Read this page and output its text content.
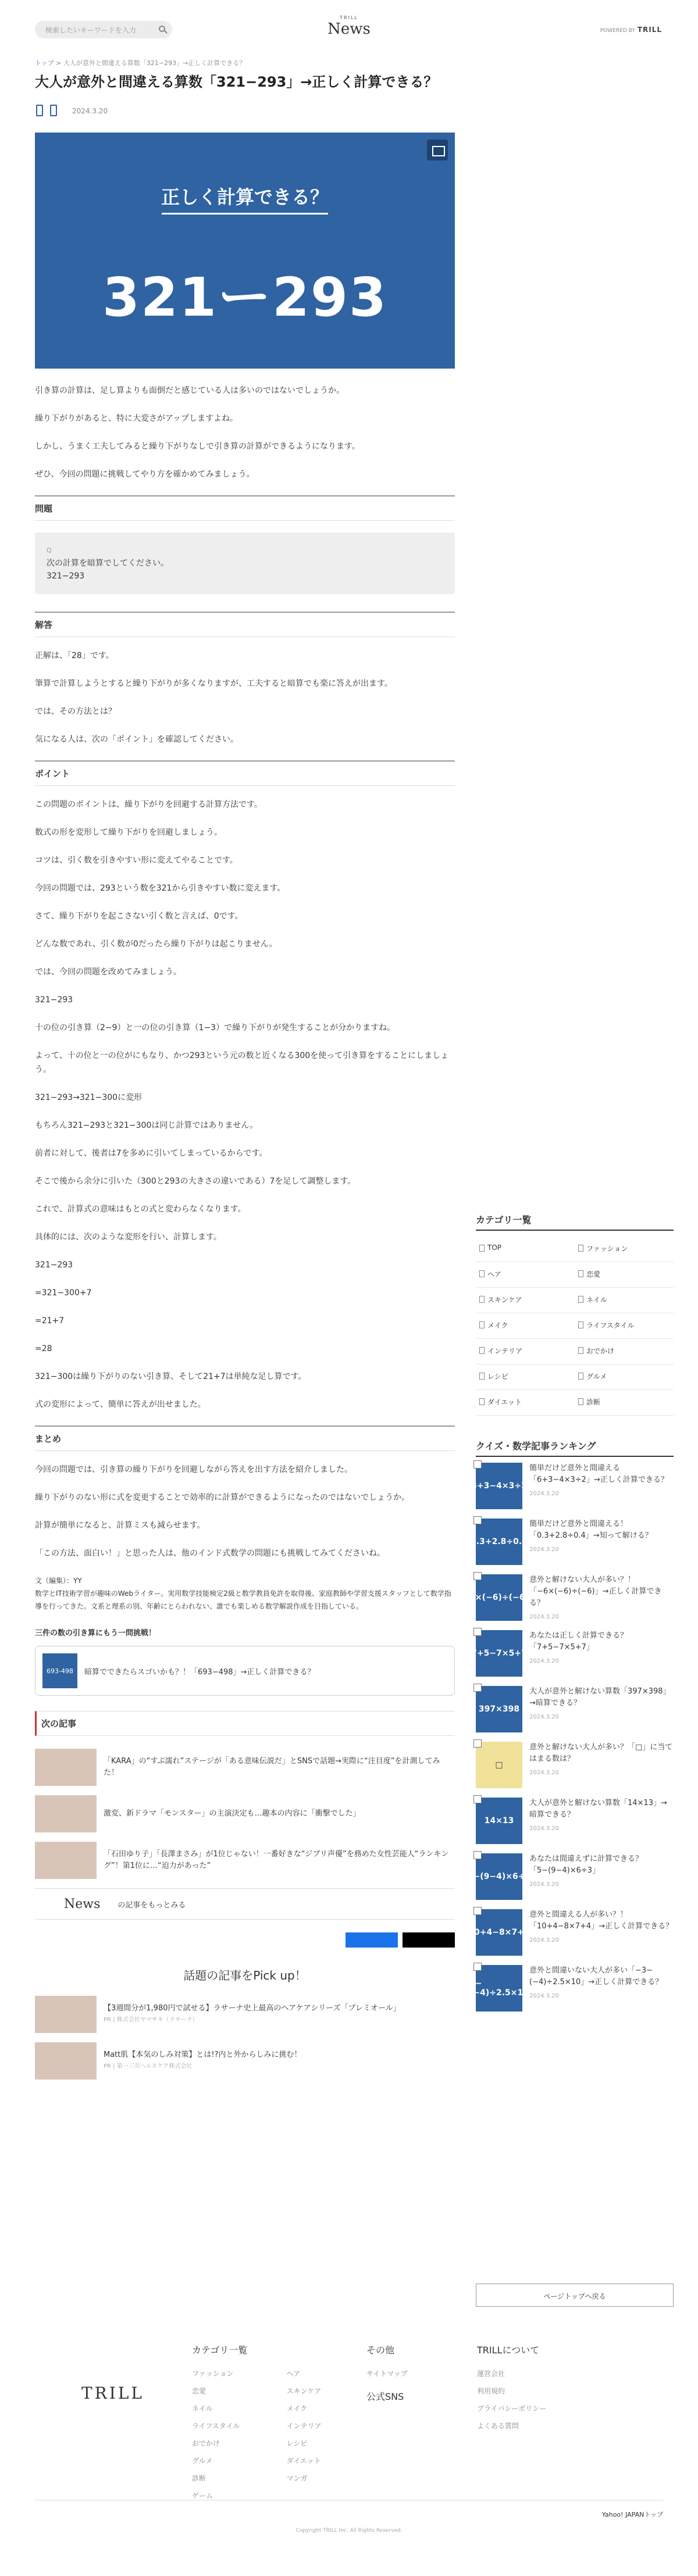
検索したいキーワードを入力
TRILL
News	POWERED BY TRILL
トップ > 大人が意外と間違える算数「321−293」→正しく計算できる？
大人が意外と間違える算数「321−293」→正しく計算できる？
2024.3.20
正しく計算できる？
321ー293

引き算の計算は、足し算よりも面倒だと感じている人は多いのではないでしょうか。

繰り下がりがあると、特に大変さがアップしますよね。

しかし、うまく工夫してみると繰り下がりなしで引き算の計算ができるようになります。

ぜひ、今回の問題に挑戦してやり方を確かめてみましょう。

問題
Q
次の計算を暗算でしてください。
321−293
解答

正解は、「28」です。

筆算で計算しようとすると繰り下がりが多くなりますが、工夫すると暗算でも楽に答えが出ます。

では、その方法とは？

気になる人は、次の「ポイント」を確認してください。

ポイント

この問題のポイントは、繰り下がりを回避する計算方法です。

数式の形を変形して繰り下がりを回避しましょう。

コツは、引く数を引きやすい形に変えてやることです。

今回の問題では、293という数を321から引きやすい数に変えます。

さて、繰り下がりを起こさない引く数と言えば、0です。

どんな数であれ、引く数が0だったら繰り下がりは起こりません。

では、今回の問題を改めてみましょう。

321−293

十の位の引き算（2−9）と一の位の引き算（1−3）で繰り下がりが発生することが分かりますね。

よって、十の位と一の位がにもなり、かつ293という元の数と近くなる300を使って引き算をすることにしましょう。

321−293→321−300に変形

もちろん321−293と321−300は同じ計算ではありません。

前者に対して、後者は7を多めに引いてしまっているからです。

そこで後から余分に引いた（300と293の大きさの違いである）7を足して調整します。

これで、計算式の意味はもとの式と変わらなくなります。

具体的には、次のような変形を行い、計算します。

321−293

=321−300+7

=21+7

=28

321−300は繰り下がりのない引き算、そして21+7は単純な足し算です。

式の変形によって、簡単に答えが出せました。

まとめ

今回の問題では、引き算の繰り下がりを回避しながら答えを出す方法を紹介しました。

繰り下がりのない形に式を変更することで効率的に計算ができるようになったのではないでしょうか。

計算が簡単になると、計算ミスも減らせます。

「この方法、面白い！」と思った人は、他のインド式数学の問題にも挑戦してみてくださいね。

文（編集）：YY
数学とIT技術学習が趣味のWebライター。実用数学技能検定2級と数学教員免許を取得後、家庭教師や学習支援スタッフとして数学指導を行ってきた。文系と理系の別、年齢にとらわれない、誰でも楽しめる数学解説作成を目指している。
三件の数の引き算にもう一問挑戦！
693-498	暗算でできたらスゴいかも？！「693−498」→正しく計算できる？
次の記事
「KARA」の“すぶ濡れ”ステージが「ある意味伝説だ」とSNSで話題→実際に“注目度”を計測してみた！
激変、新ドラマ「モンスター」の主演決定も…趣本の内容に「衝撃でした」
「石田ゆり子」「長澤まさみ」が1位じゃない！一番好きな“ジブリ声優”を務めた女性芸能人“ランキング”！第1位に…“迫力があった”
News の記事をもっとみる
話題の記事をPick up！
【3週間分が1,980円で試せる】ラサーナ史上最高のヘアケアシリーズ「プレミオール」
PR | 株式会社ヤマサキ（ラサーナ）
Matt肌【本気のしみ対策】とは!?内と外からしみに挑む！
PR | 第一三共ヘルスケア株式会社
カテゴリ一覧
TOP	ファッション
ヘア	恋愛
スキンケア	ネイル
メイク	ライフスタイル
インテリア	おでかけ
レシピ	グルメ
ダイエット	診断
クイズ・数学記事ランキング
3+3−4×3÷2
簡単だけど意外と間違える「6+3−4×3÷2」→正しく計算できる？
2024.3.20
0.3+2.8÷0.4
簡単だけど意外と間違える！「0.3+2.8÷0.4」→知って解ける？
2024.3.20
6×(−6)÷(−6)
意外と解けない大人が多い？！「−6×(−6)÷(−6)」→正しく計算できる？
2024.3.20
7+5−7×5+7
あなたは正しく計算できる？「7+5−7×5+7」
2024.3.20
397×398
大人が意外と解けない算数「397×398」→暗算できる？
2024.3.20
□
意外と解けない大人が多い？「□」に当てはまる数は？
2024.3.20
14×13
大人が意外と解けない算数「14×13」→暗算できる？
2024.3.20
5−(9−4)×6÷3
あなたは間違えずに計算できる？「5−(9−4)×6÷3」
2024.3.20
10+4−8×7+4
意外と間違える人が多い？！「10+4−8×7+4」→正しく計算できる？
2024.3.20
1−(−4)÷2.5×10
意外と間違いない大人が多い「−3−(−4)÷2.5×10」→正しく計算できる？
2024.3.20
ページトップへ戻る
TRILL
カテゴリ一覧
ファッション
恋愛
ネイル
ライフスタイル
おでかけ
グルメ
診断
ゲーム
ヘア
スキンケア
メイク
インテリア
レシピ
ダイエット
マンガ
その他
サイトマップ
公式SNS
TRILLについて
運営会社
利用規約
プライバシーポリシー
よくある質問
Yahoo! JAPANトップ
Copyright TRILL Inc. All Rights Reserved.
